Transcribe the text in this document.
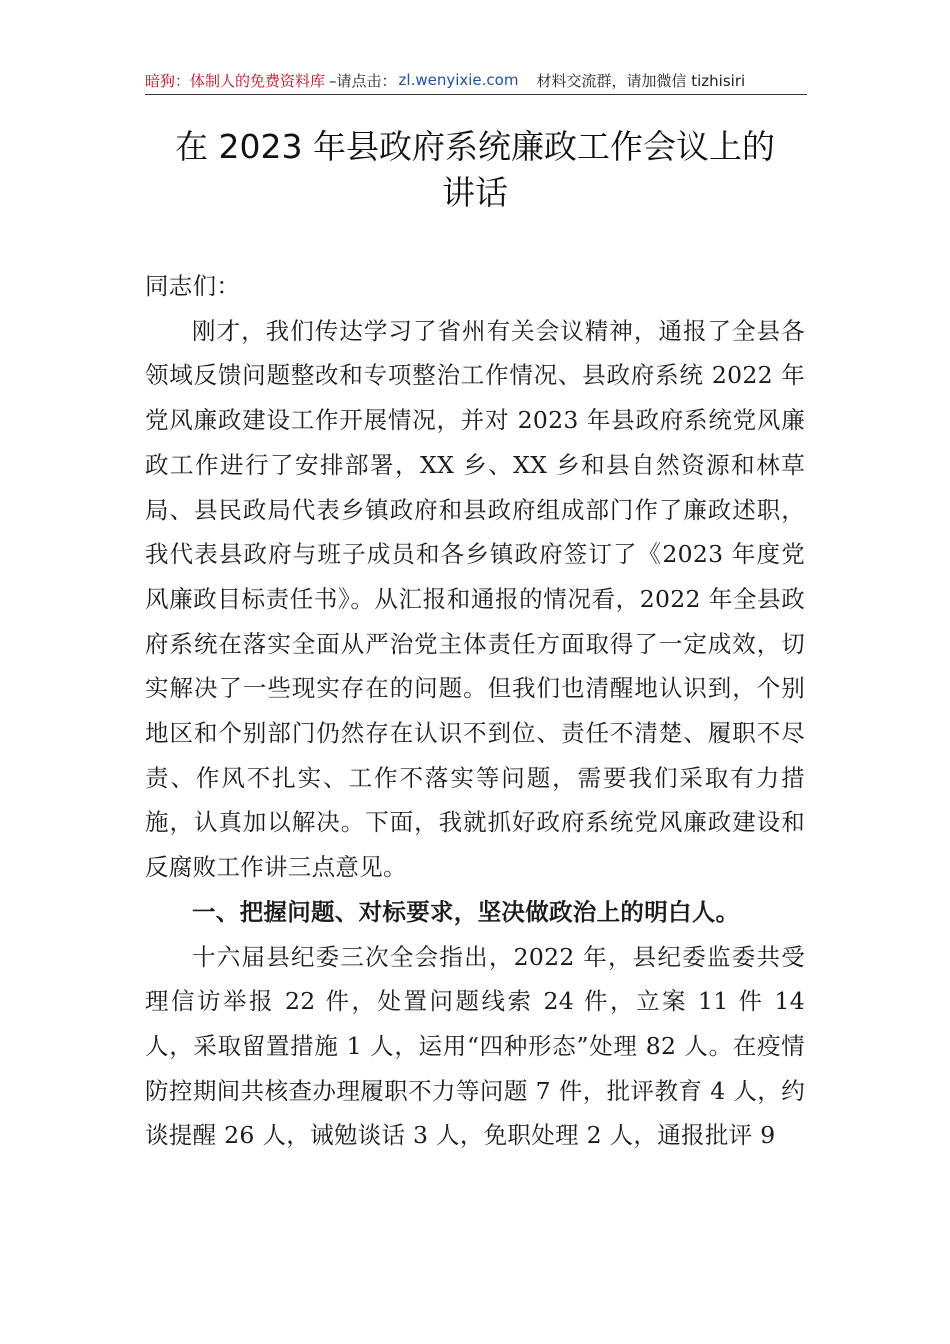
暗狗：体制人的免费资料库 –请点击： zl.wenyixie.com 材料交流群，请加微信 tizhisiri
在 2023 年县政府系统廉政工作会议上的
讲话

同志们：

刚才，我们传达学习了省州有关会议精神，通报了全县各领域反馈问题整改和专项整治工作情况、县政府系统 2022 年党风廉政建设工作开展情况，并对 2023 年县政府系统党风廉政工作进行了安排部署，XX 乡、XX 乡和县自然资源和林草局、县民政局代表乡镇政府和县政府组成部门作了廉政述职，我代表县政府与班子成员和各乡镇政府签订了《2023 年度党风廉政目标责任书》。从汇报和通报的情况看，2022 年全县政府系统在落实全面从严治党主体责任方面取得了一定成效，切实解决了一些现实存在的问题。但我们也清醒地认识到，个别地区和个别部门仍然存在认识不到位、责任不清楚、履职不尽责、作风不扎实、工作不落实等问题，需要我们采取有力措施，认真加以解决。下面，我就抓好政府系统党风廉政建设和反腐败工作讲三点意见。

一、把握问题、对标要求，坚决做政治上的明白人。

十六届县纪委三次全会指出，2022 年，县纪委监委共受理信访举报 22 件，处置问题线索 24 件，立案 11 件 14 人，采取留置措施 1 人，运用“四种形态”处理 82 人。在疫情防控期间共核查办理履职不力等问题 7 件，批评教育 4 人，约谈提醒 26 人，诫勉谈话 3 人，免职处理 2 人，通报批评 9
